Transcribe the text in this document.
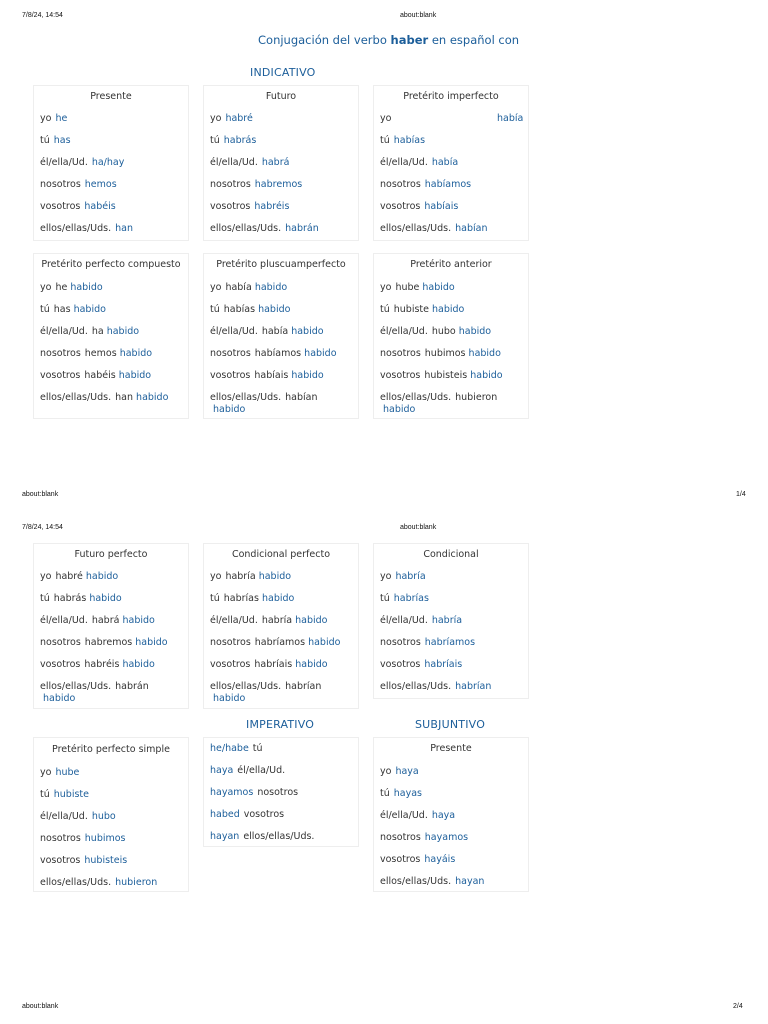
7/8/24, 14:54	about:blank
Conjugación del verbo haber en español con
INDICATIVO
Presente
yo he
tú has
él/ella/Ud. ha/hay
nosotros hemos
vosotros habéis
ellos/ellas/Uds. han
Futuro
yo habré
tú habrás
él/ella/Ud. habrá
nosotros habremos
vosotros habréis
ellos/ellas/Uds. habrán
Pretérito imperfecto
yo	había
tú habías
él/ella/Ud. había
nosotros habíamos
vosotros habíais
ellos/ellas/Uds. habían
Pretérito perfecto compuesto
yo he habido
tú has habido
él/ella/Ud. ha habido
nosotros hemos habido
vosotros habéis habido
ellos/ellas/Uds. han habido
Pretérito pluscuamperfecto
yo había habido
tú habías habido
él/ella/Ud. había habido
nosotros habíamos habido
vosotros habíais habido
ellos/ellas/Uds. habían
habido
Pretérito anterior
yo hube habido
tú hubiste habido
él/ella/Ud. hubo habido
nosotros hubimos habido
vosotros hubisteis habido
ellos/ellas/Uds. hubieron
habido
about:blank	1/4
7/8/24, 14:54	about:blank
Futuro perfecto
yo habré habido
tú habrás habido
él/ella/Ud. habrá habido
nosotros habremos habido
vosotros habréis habido
ellos/ellas/Uds. habrán
habido
Condicional perfecto
yo habría habido
tú habrías habido
él/ella/Ud. habría habido
nosotros habríamos habido
vosotros habríais habido
ellos/ellas/Uds. habrían
habido
Condicional
yo habría
tú habrías
él/ella/Ud. habría
nosotros habríamos
vosotros habríais
ellos/ellas/Uds. habrían
IMPERATIVO	SUBJUNTIVO
Pretérito perfecto simple
yo hube
tú hubiste
él/ella/Ud. hubo
nosotros hubimos
vosotros hubisteis
ellos/ellas/Uds. hubieron
he/habe tú
haya él/ella/Ud.
hayamos nosotros
habed vosotros
hayan ellos/ellas/Uds.
Presente
yo haya
tú hayas
él/ella/Ud. haya
nosotros hayamos
vosotros hayáis
ellos/ellas/Uds. hayan
about:blank	2/4
